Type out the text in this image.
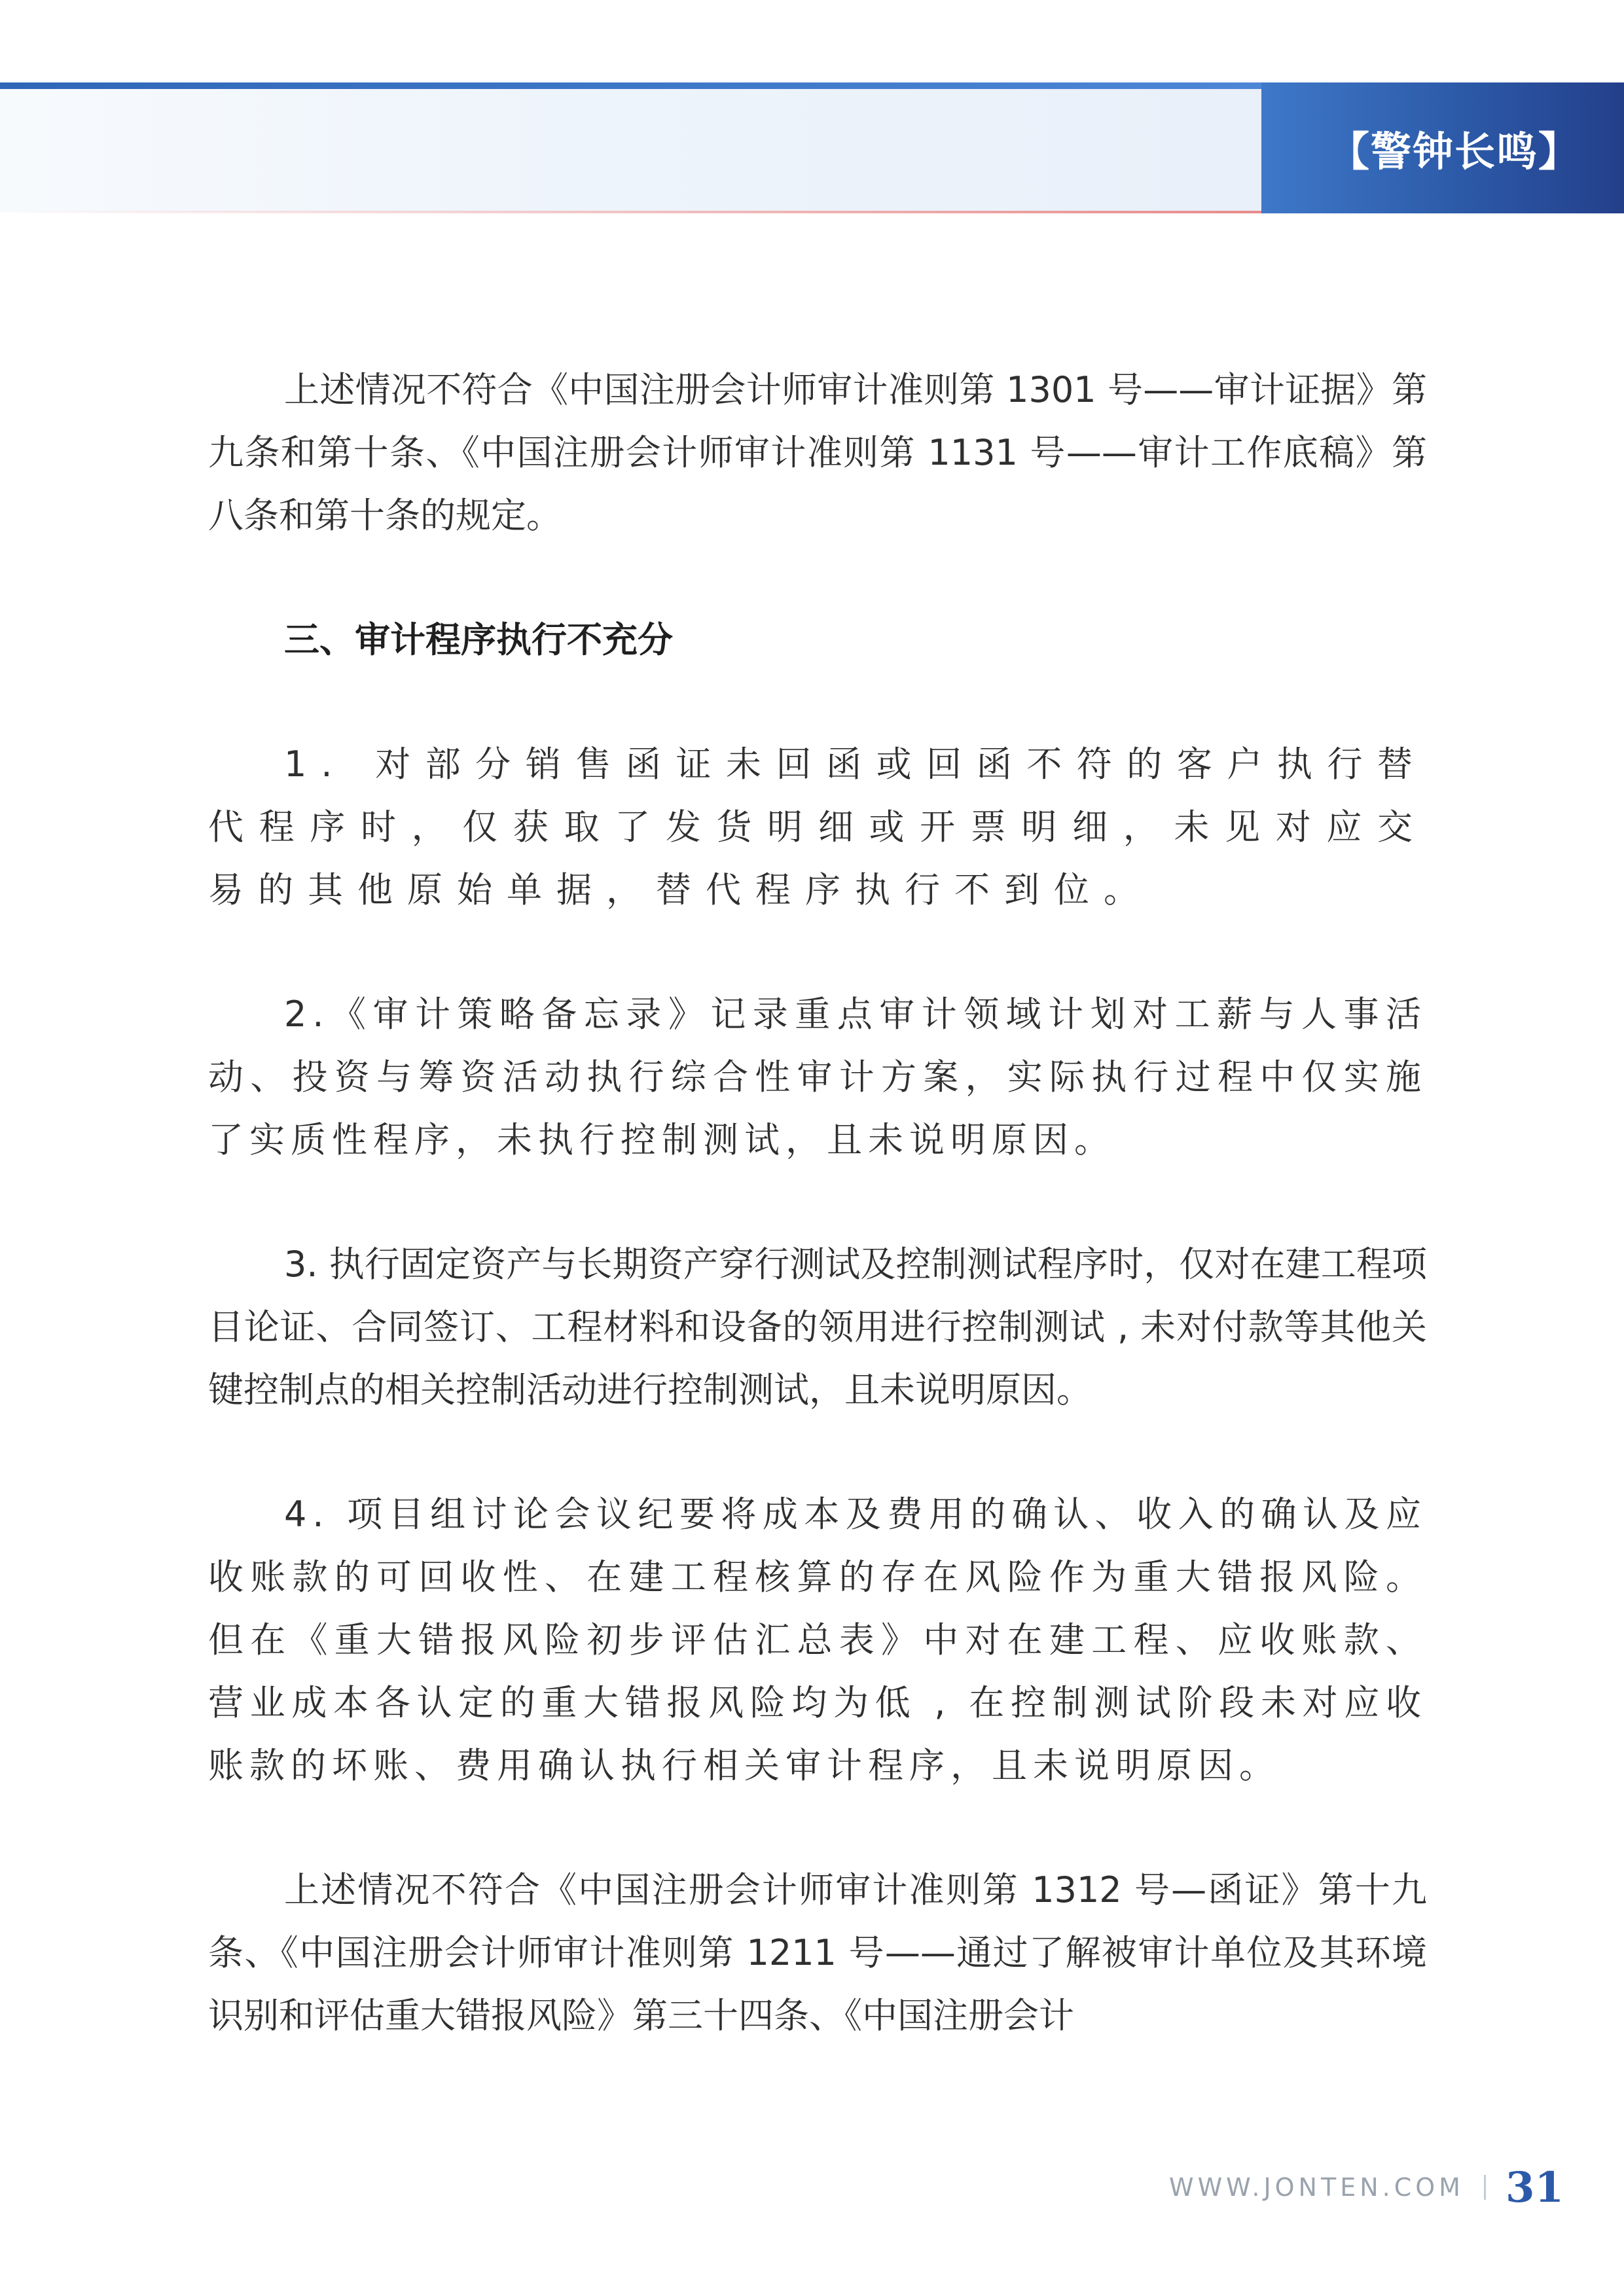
【警钟长鸣】

上述情况不符合《中国注册会计师审计准则第 1301 号——审计证据》第九条和第十条、《中国注册会计师审计准则第 1131 号——审计工作底稿》第八条和第十条的规定。

三、审计程序执行不充分

1. 对部分销售函证未回函或回函不符的客户执行替代程序时，仅获取了发货明细或开票明细，未见对应交易的其他原始单据，替代程序执行不到位。

2.《审计策略备忘录》记录重点审计领域计划对工薪与人事活动、投资与筹资活动执行综合性审计方案，实际执行过程中仅实施了实质性程序，未执行控制测试，且未说明原因。

3. 执行固定资产与长期资产穿行测试及控制测试程序时，仅对在建工程项目论证、合同签订、工程材料和设备的领用进行控制测试 , 未对付款等其他关键控制点的相关控制活动进行控制测试，且未说明原因。

4. 项目组讨论会议纪要将成本及费用的确认、收入的确认及应收账款的可回收性、在建工程核算的存在风险作为重大错报风险。但在《重大错报风险初步评估汇总表》中对在建工程、应收账款、营业成本各认定的重大错报风险均为低 , 在控制测试阶段未对应收账款的坏账、费用确认执行相关审计程序，且未说明原因。

上述情况不符合《中国注册会计师审计准则第 1312 号—函证》第十九条、《中国注册会计师审计准则第 1211 号——通过了解被审计单位及其环境识别和评估重大错报风险》第三十四条、《中国注册会计

WWW.JONTEN.COM 31
